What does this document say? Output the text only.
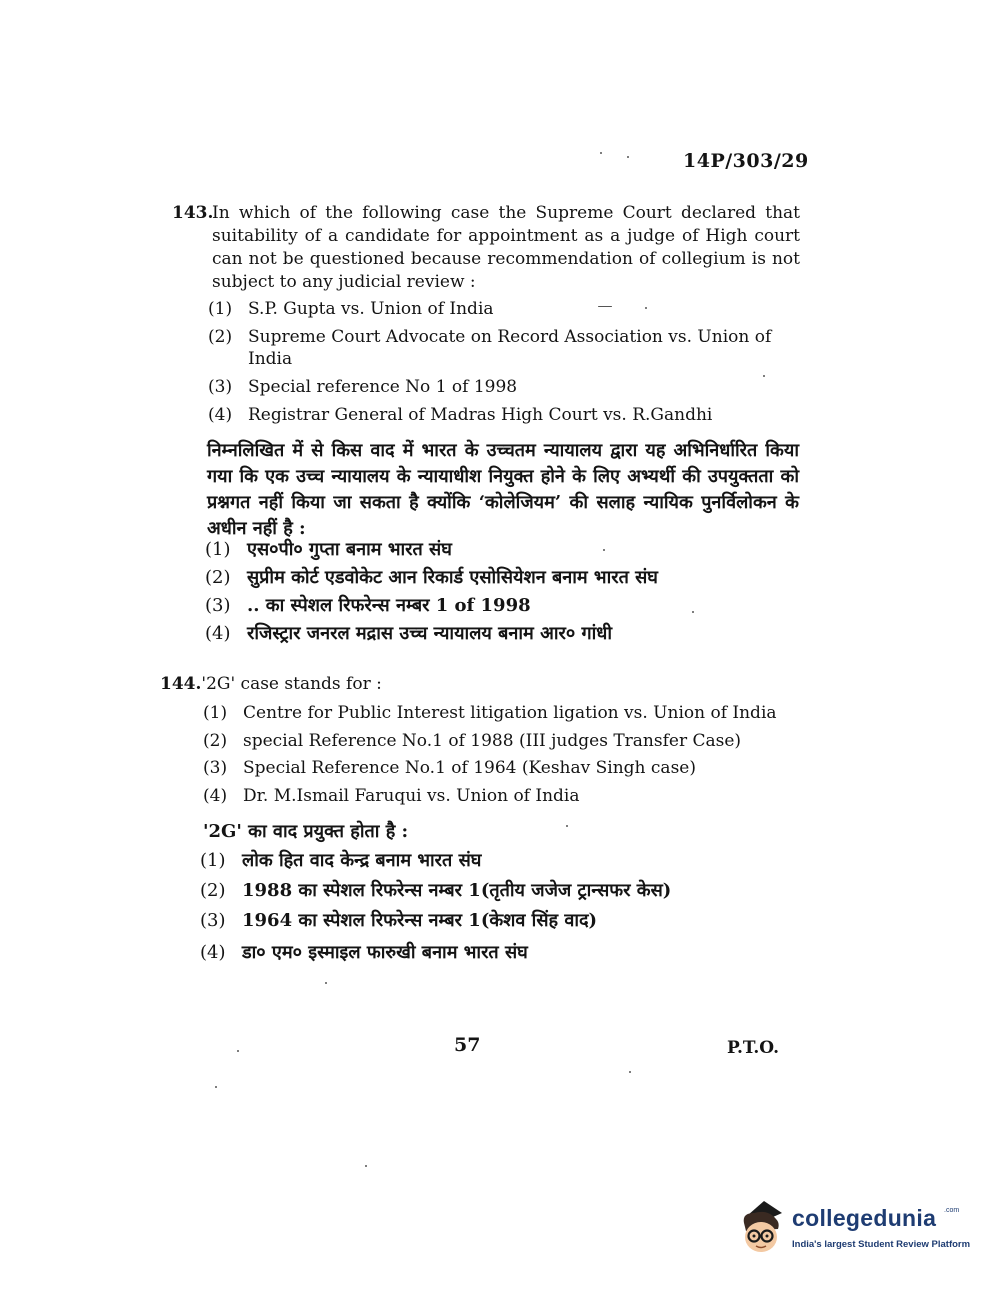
14P/303/29
143.
In which of the following case the Supreme Court declared that suitability of a candidate for appointment as a judge of High court can not be questioned because recommendation of collegium is not subject to any judicial review :
(1) S.P. Gupta vs. Union of India
(2) Supreme Court Advocate on Record Association vs. Union of India
(3) Special reference No 1 of 1998
(4) Registrar General of Madras High Court vs. R.Gandhi
निम्नलिखित में से किस वाद में भारत के उच्चतम न्यायालय द्वारा यह अभिनिर्धारित किया गया कि एक उच्च न्यायालय के न्यायाधीश नियुक्त होने के लिए अभ्यर्थी की उपयुक्तता को प्रश्नगत नहीं किया जा सकता है क्योंकि ‘कोलेजियम’ की सलाह न्यायिक पुनर्विलोकन के अधीन नहीं है :
(1) एस०पी० गुप्ता बनाम भारत संघ
(2) सुप्रीम कोर्ट एडवोकेट आन रिकार्ड एसोसियेशन बनाम भारत संघ
(3) .. का स्पेशल रिफरेन्स नम्बर 1 of 1998
(4) रजिस्ट्रार जनरल मद्रास उच्च न्यायालय बनाम आर० गांधी
144.'2G' case stands for :
(1) Centre for Public Interest litigation ligation vs. Union of India
(2) special Reference No.1 of 1988 (III judges Transfer Case)
(3) Special Reference No.1 of 1964 (Keshav Singh case)
(4) Dr. M.Ismail Faruqui vs. Union of India
'2G' का वाद प्रयुक्त होता है :
(1) लोक हित वाद केन्द्र बनाम भारत संघ
(2) 1988 का स्पेशल रिफरेन्स नम्बर 1(तृतीय जजेज ट्रान्सफर केस)
(3) 1964 का स्पेशल रिफरेन्स नम्बर 1(केशव सिंह वाद)
(4) डा० एम० इस्माइल फारुखी बनाम भारत संघ
57	P.T.O.
collegedunia .com
India's largest Student Review Platform
